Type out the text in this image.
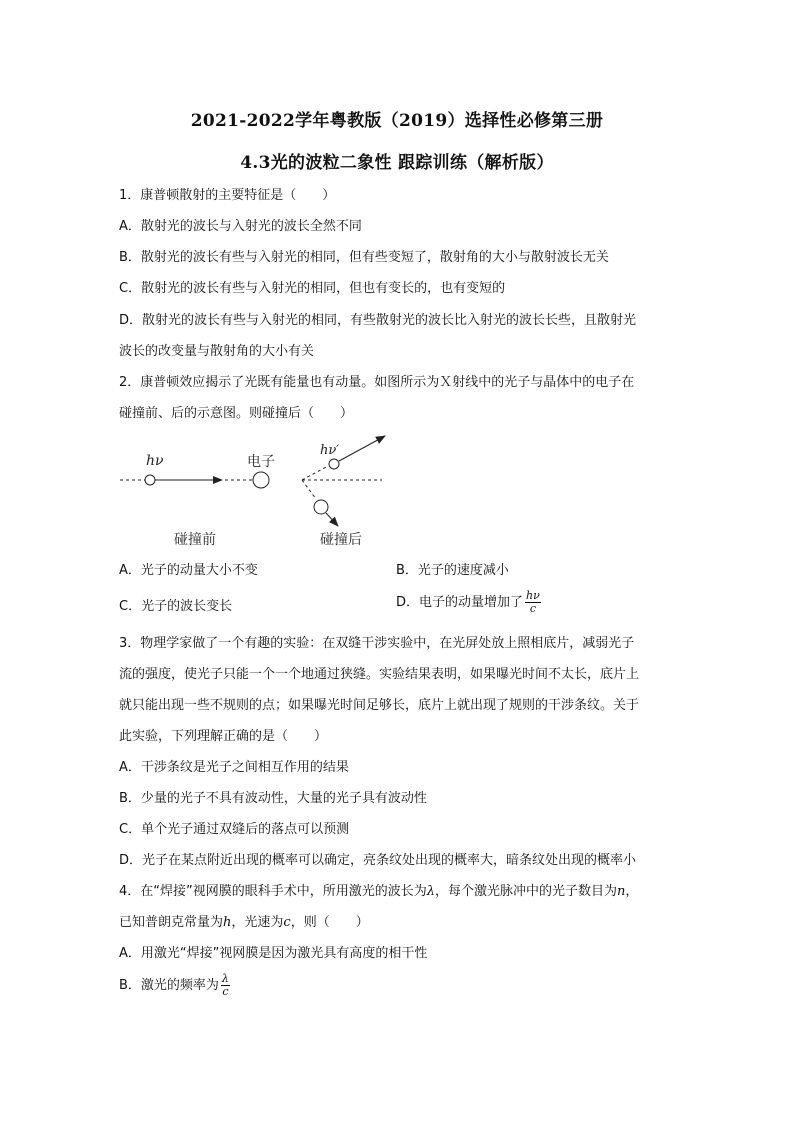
2021-2022学年粤教版（2019）选择性必修第三册
4.3光的波粒二象性 跟踪训练（解析版）
1．康普顿散射的主要特征是（　　）
A．散射光的波长与入射光的波长全然不同
B．散射光的波长有些与入射光的相同，但有些变短了，散射角的大小与散射波长无关
C．散射光的波长有些与入射光的相同，但也有变长的，也有变短的
D．散射光的波长有些与入射光的相同，有些散射光的波长比入射光的波长长些，且散射光
波长的改变量与散射角的大小有关
2．康普顿效应揭示了光既有能量也有动量。如图所示为Ｘ射线中的光子与晶体中的电子在
碰撞前、后的示意图。则碰撞后（　　）
hν	电子
hν′
碰撞前	碰撞后
A．光子的动量大小不变	B．光子的速度减小
C．光子的波长变长	D．电子的动量增加了 $\frac{h\nu}{c}$
3．物理学家做了一个有趣的实验：在双缝干涉实验中，在光屏处放上照相底片，减弱光子
流的强度，使光子只能一个一个地通过狭缝。实验结果表明，如果曝光时间不太长，底片上
就只能出现一些不规则的点；如果曝光时间足够长，底片上就出现了规则的干涉条纹。关于
此实验，下列理解正确的是（　　）
A．干涉条纹是光子之间相互作用的结果
B．少量的光子不具有波动性，大量的光子具有波动性
C．单个光子通过双缝后的落点可以预测
D．光子在某点附近出现的概率可以确定，亮条纹处出现的概率大，暗条纹处出现的概率小
4．在“焊接”视网膜的眼科手术中，所用激光的波长为λ，每个激光脉冲中的光子数目为n，
已知普朗克常量为h，光速为c，则（　　）
A．用激光“焊接”视网膜是因为激光具有高度的相干性
B．激光的频率为 $\frac{\lambda}{c}$
